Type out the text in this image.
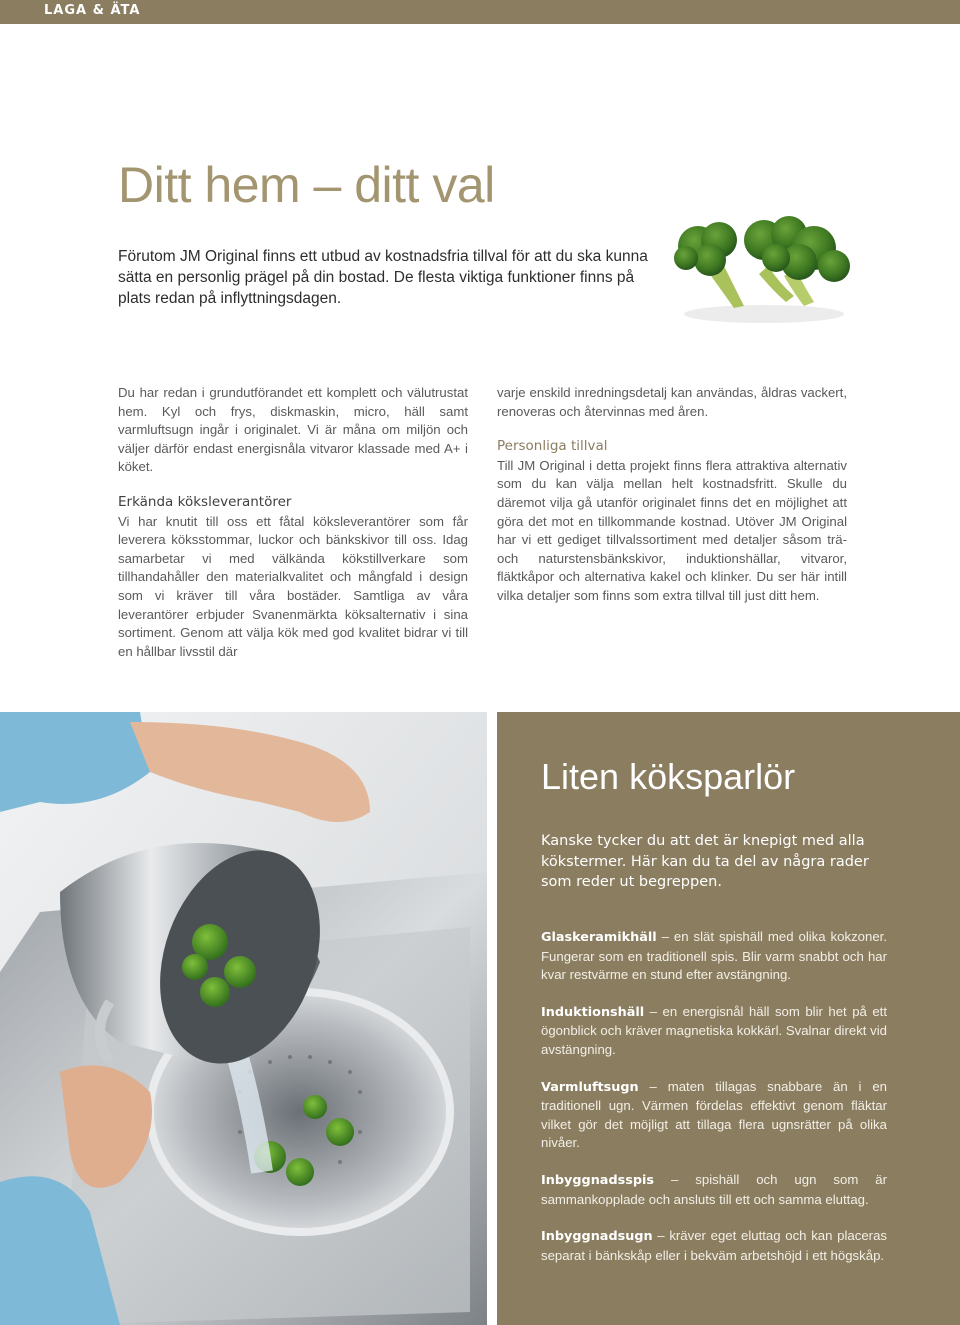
LAGA & ÄTA
Ditt hem – ditt val

Förutom JM Original finns ett utbud av kostnadsfria tillval för att du ska kunna sätta en personlig prägel på din bostad. De flesta viktiga funktioner finns på plats redan på inflyttningsdagen.

Du har redan i grundutförandet ett komplett och välutrustat hem. Kyl och frys, diskmaskin, micro, häll samt varmluftsugn ingår i originalet. Vi är måna om miljön och väljer därför endast energisnåla vitvaror klassade med A+ i köket.

Erkända köksleverantörer

Vi har knutit till oss ett fåtal köksleverantörer som får leverera köksstommar, luckor och bänkskivor till oss. Idag samarbetar vi med välkända kökstillverkare som tillhandahåller den materialkvalitet och mångfald i design som vi kräver till våra bostäder. Samtliga av våra leverantörer erbjuder Svanenmärkta köksalternativ i sina sortiment. Genom att välja kök med god kvalitet bidrar vi till en hållbar livsstil där

varje enskild inredningsdetalj kan användas, åldras vackert, renoveras och återvinnas med åren.

Personliga tillval

Till JM Original i detta projekt finns flera attraktiva alternativ som du kan välja mellan helt kostnadsfritt. Skulle du däremot vilja gå utanför originalet finns det en möjlighet att göra det mot en tillkommande kostnad. Utöver JM Original har vi ett gediget tillvalssortiment med detaljer såsom trä- och naturstensbänkskivor, induktionshällar, vitvaror, fläktkåpor och alternativa kakel och klinker. Du ser här intill vilka detaljer som finns som extra tillval till just ditt hem.

Liten köksparlör

Kanske tycker du att det är knepigt med alla kökstermer. Här kan du ta del av några rader som reder ut begreppen.

Glaskeramikhäll – en slät spishäll med olika kokzoner. Fungerar som en traditionell spis. Blir varm snabbt och har kvar restvärme en stund efter avstängning.

Induktionshäll – en energisnål häll som blir het på ett ögonblick och kräver magnetiska kokkärl. Svalnar direkt vid avstängning.

Varmluftsugn – maten tillagas snabbare än i en traditionell ugn. Värmen fördelas effektivt genom fläktar vilket gör det möjligt att tillaga flera ugnsrätter på olika nivåer.

Inbyggnadsspis – spishäll och ugn som är sammankopplade och ansluts till ett och samma eluttag.

Inbyggnadsugn – kräver eget eluttag och kan placeras separat i bänkskåp eller i bekväm arbetshöjd i ett högskåp.
